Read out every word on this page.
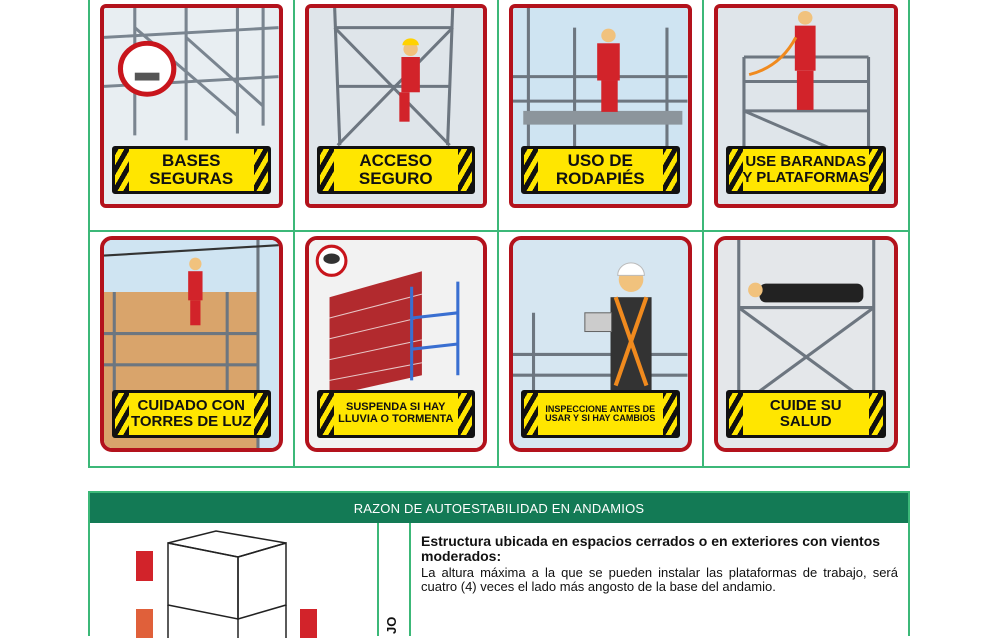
BASES
SEGURAS
ACCESO
SEGURO
USO DE
RODAPIÉS
USE BARANDAS
Y PLATAFORMAS
CUIDADO CON
TORRES DE LUZ
SUSPENDA SI HAY
LLUVIA O TORMENTA
INSPECCIONE ANTES DE
USAR Y SI HAY CAMBIOS
CUIDE SU
SALUD
RAZON DE AUTOESTABILIDAD EN ANDAMIOS
JO
Estructura ubicada en espacios cerrados o en exteriores con vientos moderados:
La altura máxima a la que se pueden instalar las plataformas de trabajo, será cuatro (4) veces el lado más angosto de la base del andamio.
